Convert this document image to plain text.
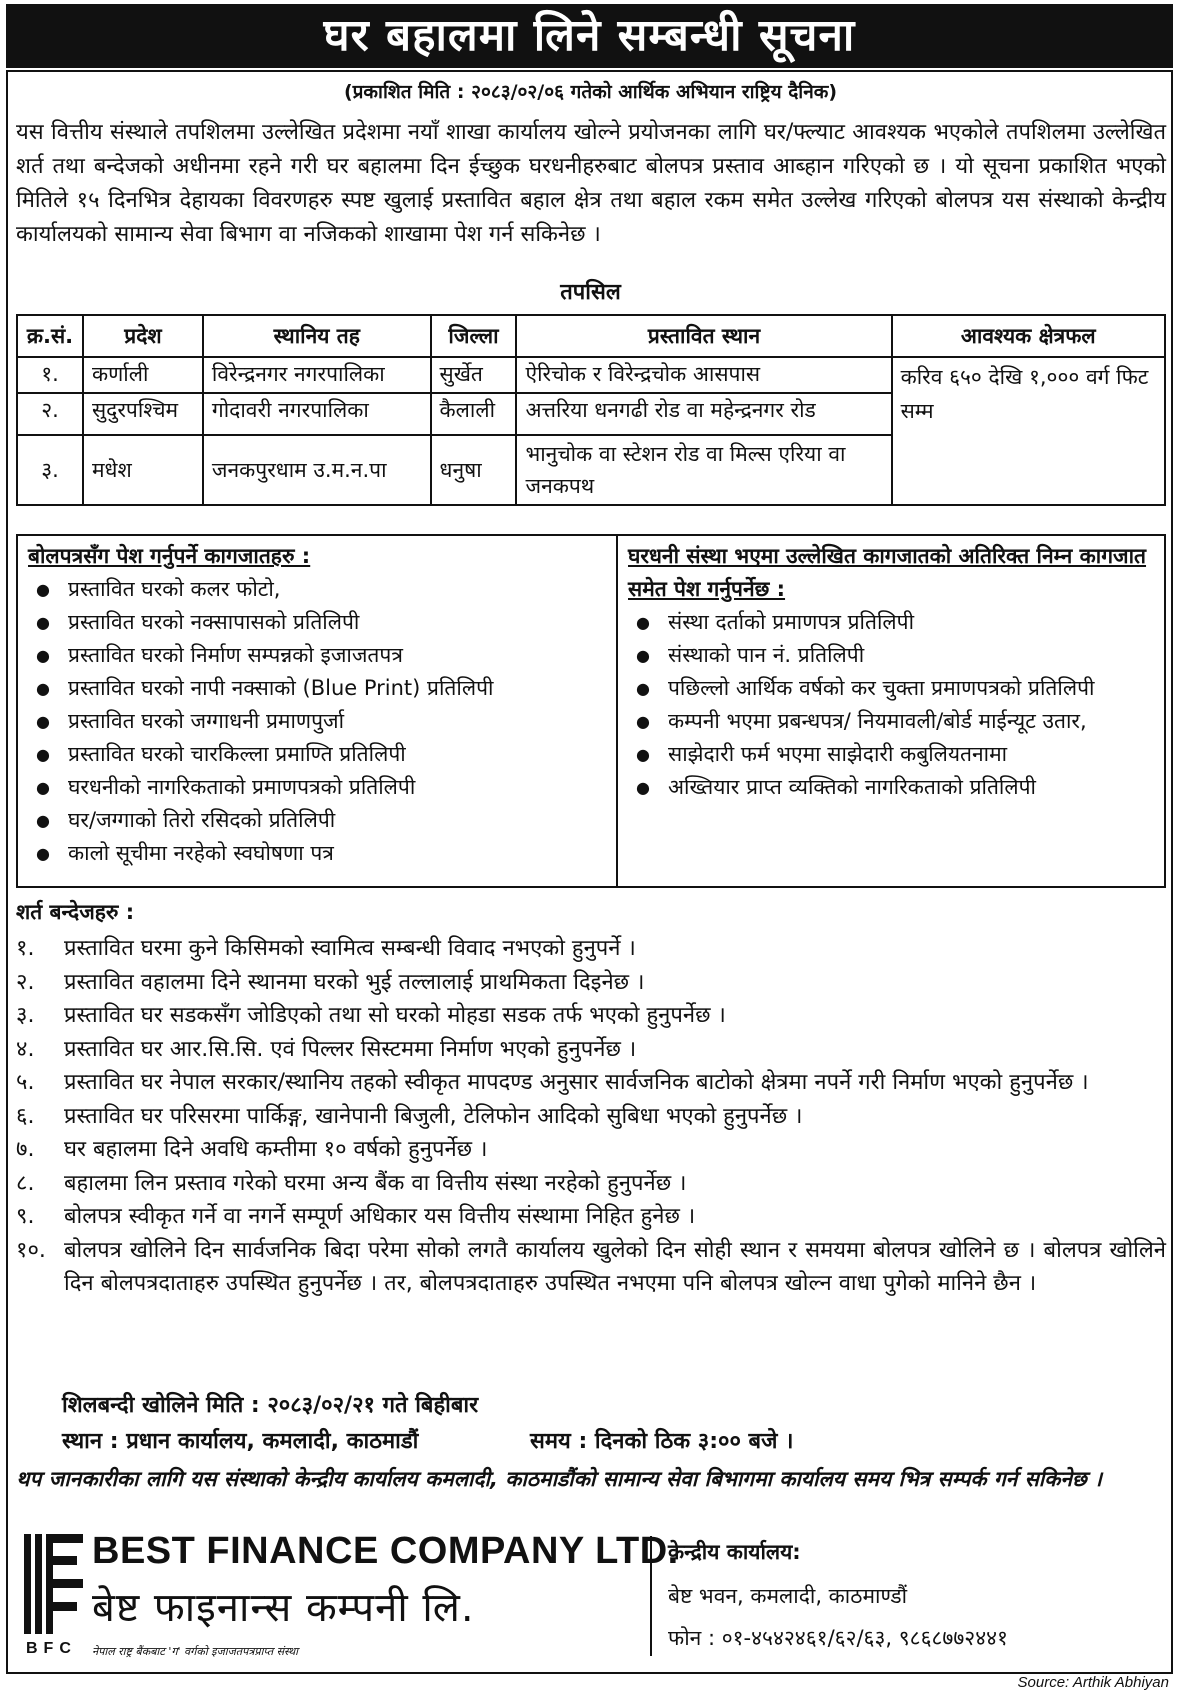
घर बहालमा लिने सम्बन्धी सूचना
(प्रकाशित मिति : २०८३/०२/०६ गतेको आर्थिक अभियान राष्ट्रिय दैनिक)
यस वित्तीय संस्थाले तपशिलमा उल्लेखित प्रदेशमा नयाँ शाखा कार्यालय खोल्ने प्रयोजनका लागि घर/फ्ल्याट आवश्यक भएकोले तपशिलमा उल्लेखित शर्त तथा बन्देजको अधीनमा रहने गरी घर बहालमा दिन ईच्छुक घरधनीहरुबाट बोलपत्र प्रस्ताव आब्हान गरिएको छ । यो सूचना प्रकाशित भएको मितिले १५ दिनभित्र देहायका विवरणहरु स्पष्ट खुलाई प्रस्तावित बहाल क्षेत्र तथा बहाल रकम समेत उल्लेख गरिएको बोलपत्र यस संस्थाको केन्द्रीय कार्यालयको सामान्य सेवा बिभाग वा नजिकको शाखामा पेश गर्न सकिनेछ ।
तपसिल
क्र.सं.	प्रदेश	स्थानिय तह	जिल्ला	प्रस्तावित स्थान	आवश्यक क्षेत्रफल
१.	कर्णाली	विरेन्द्रनगर नगरपालिका	सुर्खेत	ऐरिचोक र विरेन्द्रचोक आसपास	करिव ६५० देखि १,००० वर्ग फिट सम्म
२.	सुदुरपश्चिम	गोदावरी नगरपालिका	कैलाली	अत्तरिया धनगढी रोड वा महेन्द्रनगर रोड	
३.	मधेश	जनकपुरधाम उ.म.न.पा	धनुषा	भानुचोक वा स्टेशन रोड वा मिल्स एरिया वा जनकपथ	
बोलपत्रसँग पेश गर्नुपर्ने कागजातहरु :
● प्रस्तावित घरको कलर फोटो,
● प्रस्तावित घरको नक्सापासको प्रतिलिपी
● प्रस्तावित घरको निर्माण सम्पन्नको इजाजतपत्र
● प्रस्तावित घरको नापी नक्साको (Blue Print) प्रतिलिपी
● प्रस्तावित घरको जग्गाधनी प्रमाणपुर्जा
● प्रस्तावित घरको चारकिल्ला प्रमाण्ति प्रतिलिपी
● घरधनीको नागरिकताको प्रमाणपत्रको प्रतिलिपी
● घर/जग्गाको तिरो रसिदको प्रतिलिपी
● कालो सूचीमा नरहेको स्वघोषणा पत्र
घरधनी संस्था भएमा उल्लेखित कागजातको अतिरिक्त निम्न कागजात समेत पेश गर्नुपर्नेछ :
● संस्था दर्ताको प्रमाणपत्र प्रतिलिपी
● संस्थाको पान नं. प्रतिलिपी
● पछिल्लो आर्थिक वर्षको कर चुक्ता प्रमाणपत्रको प्रतिलिपी
● कम्पनी भएमा प्रबन्धपत्र/ नियमावली/बोर्ड माईन्यूट उतार,
● साझेदारी फर्म भएमा साझेदारी कबुलियतनामा
● अख्तियार प्राप्त व्यक्तिको नागरिकताको प्रतिलिपी
शर्त बन्देजहरु :
१.	प्रस्तावित घरमा कुने किसिमको स्वामित्व सम्बन्धी विवाद नभएको हुनुपर्ने ।
२.	प्रस्तावित वहालमा दिने स्थानमा घरको भुई तल्लालाई प्राथमिकता दिइनेछ ।
३.	प्रस्तावित घर सडकसँग जोडिएको तथा सो घरको मोहडा सडक तर्फ भएको हुनुपर्नेछ ।
४.	प्रस्तावित घर आर.सि.सि. एवं पिल्लर सिस्टममा निर्माण भएको हुनुपर्नेछ ।
५.	प्रस्तावित घर नेपाल सरकार/स्थानिय तहको स्वीकृत मापदण्ड अनुसार सार्वजनिक बाटोको क्षेत्रमा नपर्ने गरी निर्माण भएको हुनुपर्नेछ ।
६.	प्रस्तावित घर परिसरमा पार्किङ्ग, खानेपानी बिजुली, टेलिफोन आदिको सुबिधा भएको हुनुपर्नेछ ।
७.	घर बहालमा दिने अवधि कम्तीमा १० वर्षको हुनुपर्नेछ ।
८.	बहालमा लिन प्रस्ताव गरेको घरमा अन्य बैंक वा वित्तीय संस्था नरहेको हुनुपर्नेछ ।
९.	बोलपत्र स्वीकृत गर्ने वा नगर्ने सम्पूर्ण अधिकार यस वित्तीय संस्थामा निहित हुनेछ ।
१०. बोलपत्र खोलिने दिन सार्वजनिक बिदा परेमा सोको लगतै कार्यालय खुलेको दिन सोही स्थान र समयमा बोलपत्र खोलिने छ । बोलपत्र खोलिने दिन बोलपत्रदाताहरु उपस्थित हुनुपर्नेछ । तर, बोलपत्रदाताहरु उपस्थित नभएमा पनि बोलपत्र खोल्न वाधा पुगेको मानिने छैन ।
शिलबन्दी खोलिने मिति : २०८३/०२/२१ गते बिहीबार
स्थान : प्रधान कार्यालय, कमलादी, काठमाडौं	समय : दिनको ठिक ३:०० बजे ।
थप जानकारीका लागि यस संस्थाको केन्द्रीय कार्यालय कमलादी, काठमाडौंको सामान्य सेवा बिभागमा कार्यालय समय भित्र सम्पर्क गर्न सकिनेछ ।
BEST FINANCE COMPANY LTD.
बेष्ट फाइनान्स कम्पनी लि.
BFC नेपाल राष्ट्र बैंकबाट 'ग' वर्गको इजाजतपत्रप्राप्त संस्था
केन्द्रीय कार्यालय:
बेष्ट भवन, कमलादी, काठमाण्डौं
फोन : ०१-४५४२४६१/६२/६३, ९८६८७७२४४१
Source: Arthik Abhiyan
